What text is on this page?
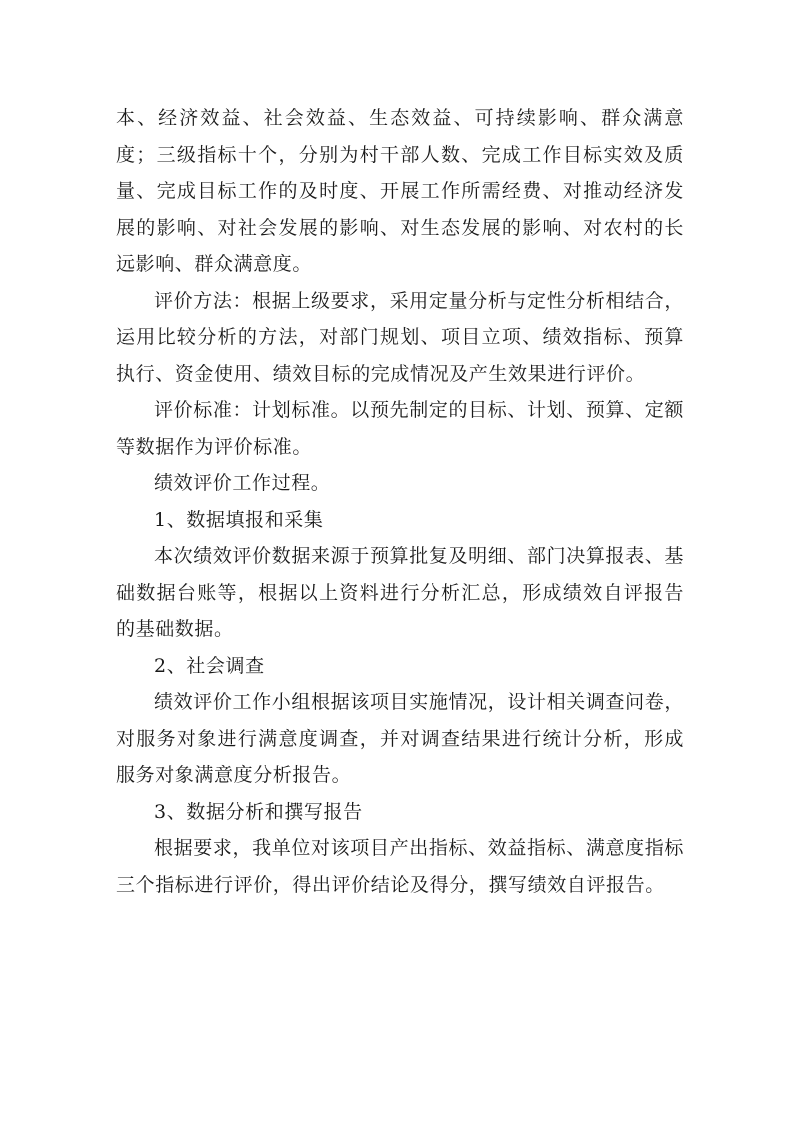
本、经济效益、社会效益、生态效益、可持续影响、群众满意度；三级指标十个，分别为村干部人数、完成工作目标实效及质量、完成目标工作的及时度、开展工作所需经费、对推动经济发展的影响、对社会发展的影响、对生态发展的影响、对农村的长远影响、群众满意度。

评价方法：根据上级要求，采用定量分析与定性分析相结合，运用比较分析的方法，对部门规划、项目立项、绩效指标、预算执行、资金使用、绩效目标的完成情况及产生效果进行评价。

评价标准：计划标准。以预先制定的目标、计划、预算、定额等数据作为评价标准。

绩效评价工作过程。

1、数据填报和采集

本次绩效评价数据来源于预算批复及明细、部门决算报表、基础数据台账等，根据以上资料进行分析汇总，形成绩效自评报告的基础数据。

2、社会调查

绩效评价工作小组根据该项目实施情况，设计相关调查问卷，对服务对象进行满意度调查，并对调查结果进行统计分析，形成服务对象满意度分析报告。

3、数据分析和撰写报告

根据要求，我单位对该项目产出指标、效益指标、满意度指标三个指标进行评价，得出评价结论及得分，撰写绩效自评报告。
